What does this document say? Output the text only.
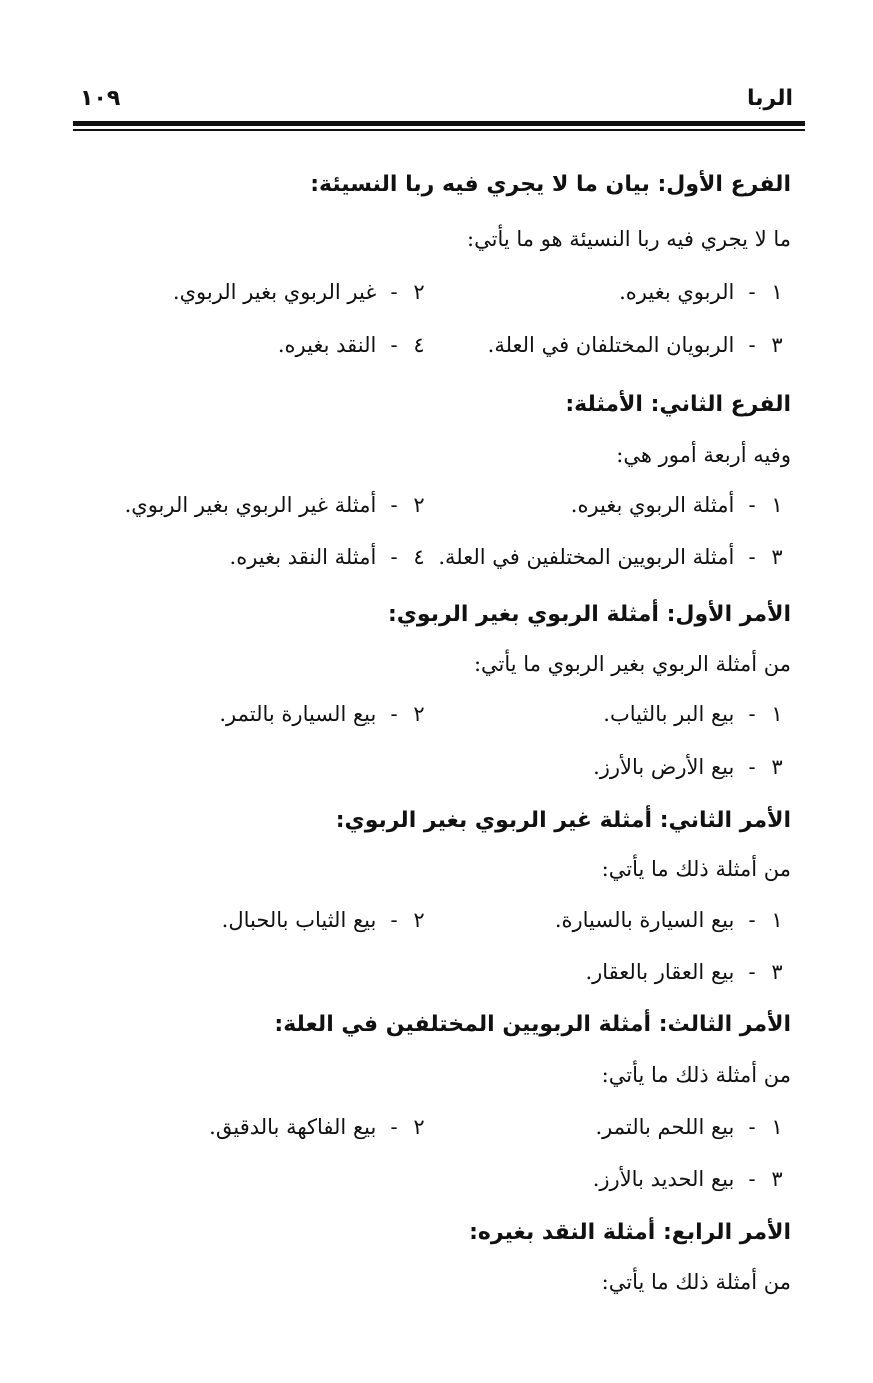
الربا
١٠٩
الفرع الأول: بيان ما لا يجري فيه ربا النسيئة:
ما لا يجري فيه ربا النسيئة هو ما يأتي:
١- الربوي بغيره.
٢- غير الربوي بغير الربوي.
٣- الربويان المختلفان في العلة.
٤- النقد بغيره.
الفرع الثاني: الأمثلة:
وفيه أربعة أمور هي:
١- أمثلة الربوي بغيره.
٢- أمثلة غير الربوي بغير الربوي.
٣- أمثلة الربويين المختلفين في العلة.
٤- أمثلة النقد بغيره.
الأمر الأول: أمثلة الربوي بغير الربوي:
من أمثلة الربوي بغير الربوي ما يأتي:
١- بيع البر بالثياب.
٢- بيع السيارة بالتمر.
٣- بيع الأرض بالأرز.
الأمر الثاني: أمثلة غير الربوي بغير الربوي:
من أمثلة ذلك ما يأتي:
١- بيع السيارة بالسيارة.
٢- بيع الثياب بالحبال.
٣- بيع العقار بالعقار.
الأمر الثالث: أمثلة الربويين المختلفين في العلة:
من أمثلة ذلك ما يأتي:
١- بيع اللحم بالتمر.
٢- بيع الفاكهة بالدقيق.
٣- بيع الحديد بالأرز.
الأمر الرابع: أمثلة النقد بغيره:
من أمثلة ذلك ما يأتي:
